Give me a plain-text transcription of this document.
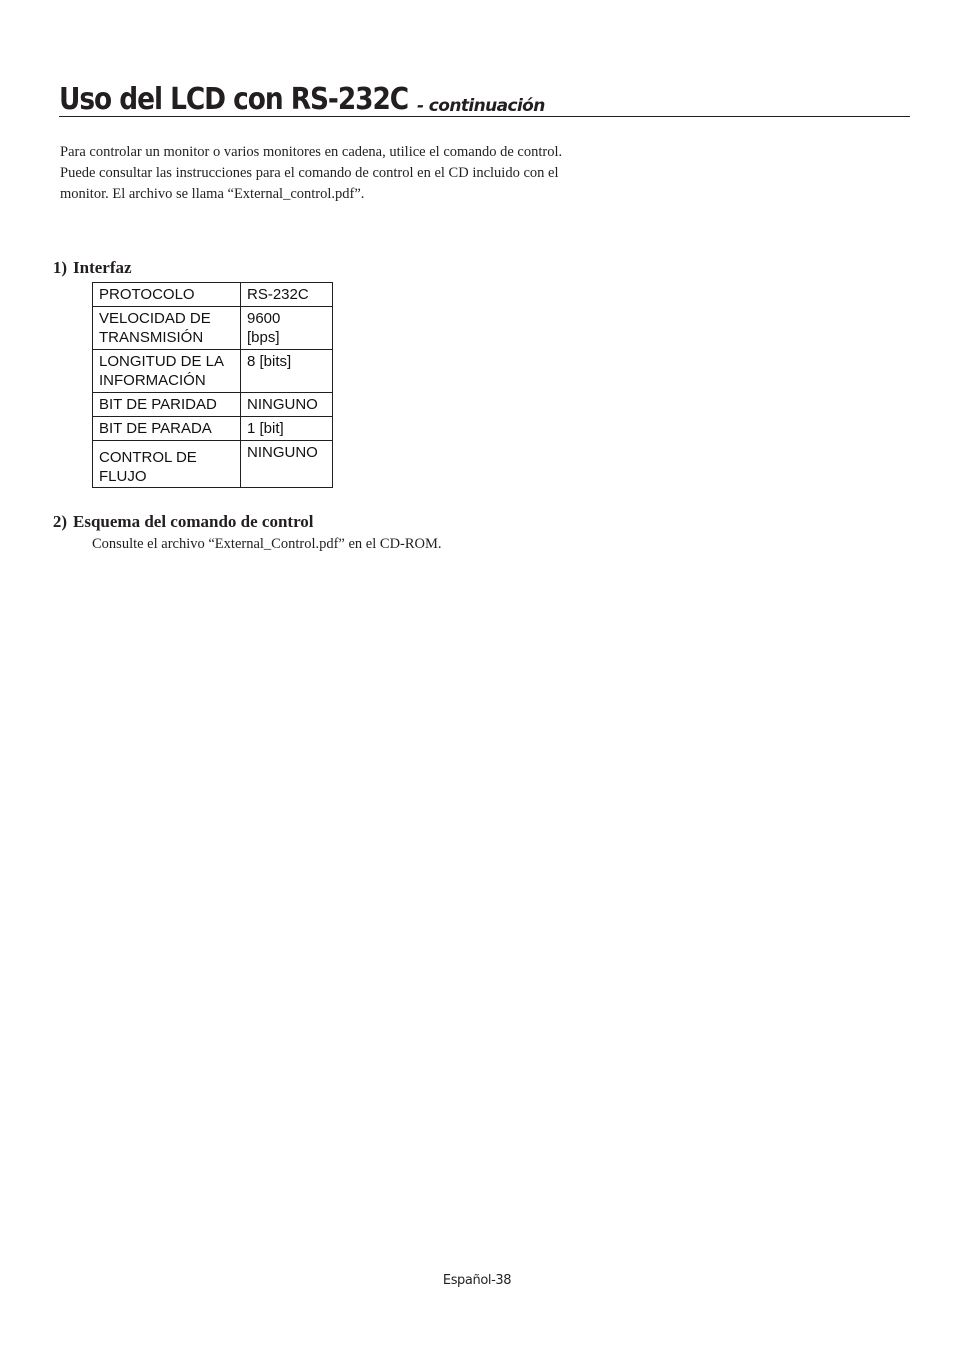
Uso del LCD con RS-232C - continuación
Para controlar un monitor o varios monitores en cadena, utilice el comando de control.
Puede consultar las instrucciones para el comando de control en el CD incluido con el
monitor. El archivo se llama “External_control.pdf”.
1) Interfaz
PROTOCOLO	RS-232C
VELOCIDAD DE
TRANSMISIÓN	9600
[bps]
LONGITUD DE LA
INFORMACIÓN	8 [bits]
BIT DE PARIDAD	NINGUNO
BIT DE PARADA	1 [bit]
CONTROL DE
FLUJO	NINGUNO
2) Esquema del comando de control
Consulte el archivo “External_Control.pdf” en el CD-ROM.
Español-38
